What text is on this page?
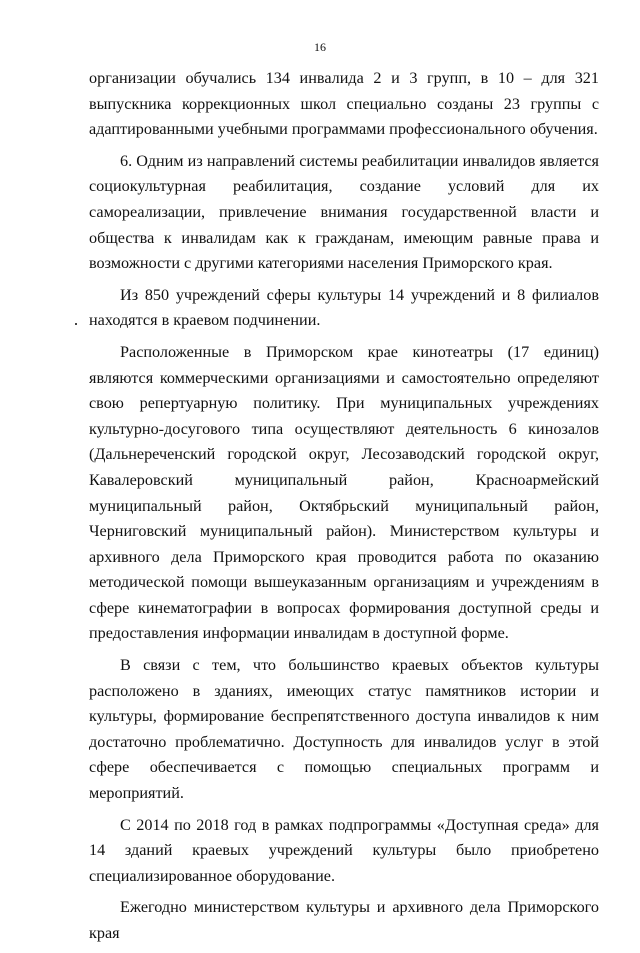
16

организации обучались 134 инвалида 2 и 3 групп, в 10 – для 321 выпускника коррекционных школ специально созданы 23 группы с адаптированными учебными программами профессионального обучения.

6. Одним из направлений системы реабилитации инвалидов является социокультурная реабилитация, создание условий для их самореализации, привлечение внимания государственной власти и общества к инвалидам как к гражданам, имеющим равные права и возможности с другими категориями населения Приморского края.

Из 850 учреждений сферы культуры 14 учреждений и 8 филиалов находятся в краевом подчинении.

Расположенные в Приморском крае кинотеатры (17 единиц) являются коммерческими организациями и самостоятельно определяют свою репертуарную политику. При муниципальных учреждениях культурно-досугового типа осуществляют деятельность 6 кинозалов (Дальнереченский городской округ, Лесозаводский городской округ, Кавалеровский муниципальный район, Красноармейский муниципальный район, Октябрьский муниципальный район, Черниговский муниципальный район). Министерством культуры и архивного дела Приморского края проводится работа по оказанию методической помощи вышеуказанным организациям и учреждениям в сфере кинематографии в вопросах формирования доступной среды и предоставления информации инвалидам в доступной форме.

В связи с тем, что большинство краевых объектов культуры расположено в зданиях, имеющих статус памятников истории и культуры, формирование беспрепятственного доступа инвалидов к ним достаточно проблематично. Доступность для инвалидов услуг в этой сфере обеспечивается с помощью специальных программ и мероприятий.

С 2014 по 2018 год в рамках подпрограммы «Доступная среда» для 14 зданий краевых учреждений культуры было приобретено специализированное оборудование.

Ежегодно министерством культуры и архивного дела Приморского края
